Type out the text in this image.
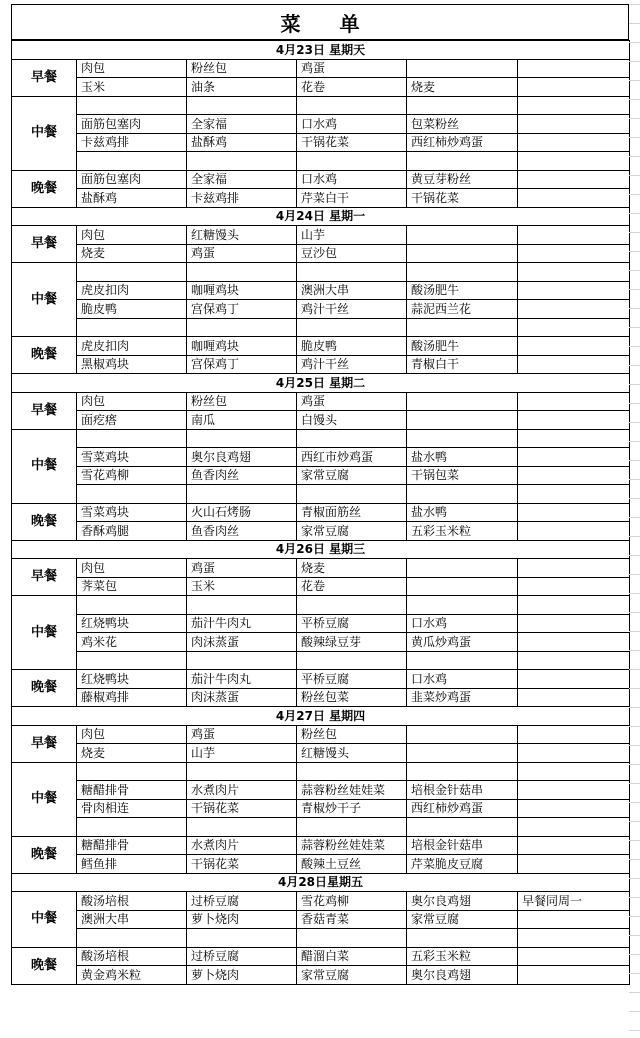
菜 单
4月23日 星期天					
早餐	肉包	粉丝包	鸡蛋		
	玉米	油条	花卷	烧麦	
中餐					
	面筋包塞肉	全家福	口水鸡	包菜粉丝	
	卡兹鸡排	盐酥鸡	干锅花菜	西红柿炒鸡蛋	

晚餐	面筋包塞肉	全家福	口水鸡	黄豆芽粉丝	
	盐酥鸡	卡兹鸡排	芹菜白干	干锅花菜	
4月24日 星期一					
早餐	肉包	红糖馒头	山芋		
	烧麦	鸡蛋	豆沙包		
中餐					
	虎皮扣肉	咖喱鸡块	澳洲大串	酸汤肥牛	
	脆皮鸭	宫保鸡丁	鸡汁干丝	蒜泥西兰花	

晚餐	虎皮扣肉	咖喱鸡块	脆皮鸭	酸汤肥牛	
	黑椒鸡块	宫保鸡丁	鸡汁干丝	青椒白干	
4月25日 星期二					
早餐	肉包	粉丝包	鸡蛋		
	面疙瘩	南瓜	白馒头		
中餐					
	雪菜鸡块	奥尔良鸡翅	西红市炒鸡蛋	盐水鸭	
	雪花鸡柳	鱼香肉丝	家常豆腐	干锅包菜	

晚餐	雪菜鸡块	火山石烤肠	青椒面筋丝	盐水鸭	
	香酥鸡腿	鱼香肉丝	家常豆腐	五彩玉米粒	
4月26日 星期三					
早餐	肉包	鸡蛋	烧麦		
	荠菜包	玉米	花卷		
中餐					
	红烧鸭块	茄汁牛肉丸	平桥豆腐	口水鸡	
	鸡米花	肉沫蒸蛋	酸辣绿豆芽	黄瓜炒鸡蛋	

晚餐	红烧鸭块	茄汁牛肉丸	平桥豆腐	口水鸡	
	藤椒鸡排	肉沫蒸蛋	粉丝包菜	韭菜炒鸡蛋	
4月27日 星期四					
早餐	肉包	鸡蛋	粉丝包		
	烧麦	山芋	红糖馒头		
中餐					
	糖醋排骨	水煮肉片	蒜蓉粉丝娃娃菜	培根金针菇串	
	骨肉相连	干锅花菜	青椒炒干子	西红柿炒鸡蛋	

晚餐	糖醋排骨	水煮肉片	蒜蓉粉丝娃娃菜	培根金针菇串	
	鳕鱼排	干锅花菜	酸辣土豆丝	芹菜脆皮豆腐	
4月28日星期五					
中餐	酸汤培根	过桥豆腐	雪花鸡柳	奥尔良鸡翅	早餐同周一
	澳洲大串	萝卜烧肉	香菇青菜	家常豆腐	

晚餐	酸汤培根	过桥豆腐	醋溜白菜	五彩玉米粒	
	黄金鸡米粒	萝卜烧肉	家常豆腐	奥尔良鸡翅	
